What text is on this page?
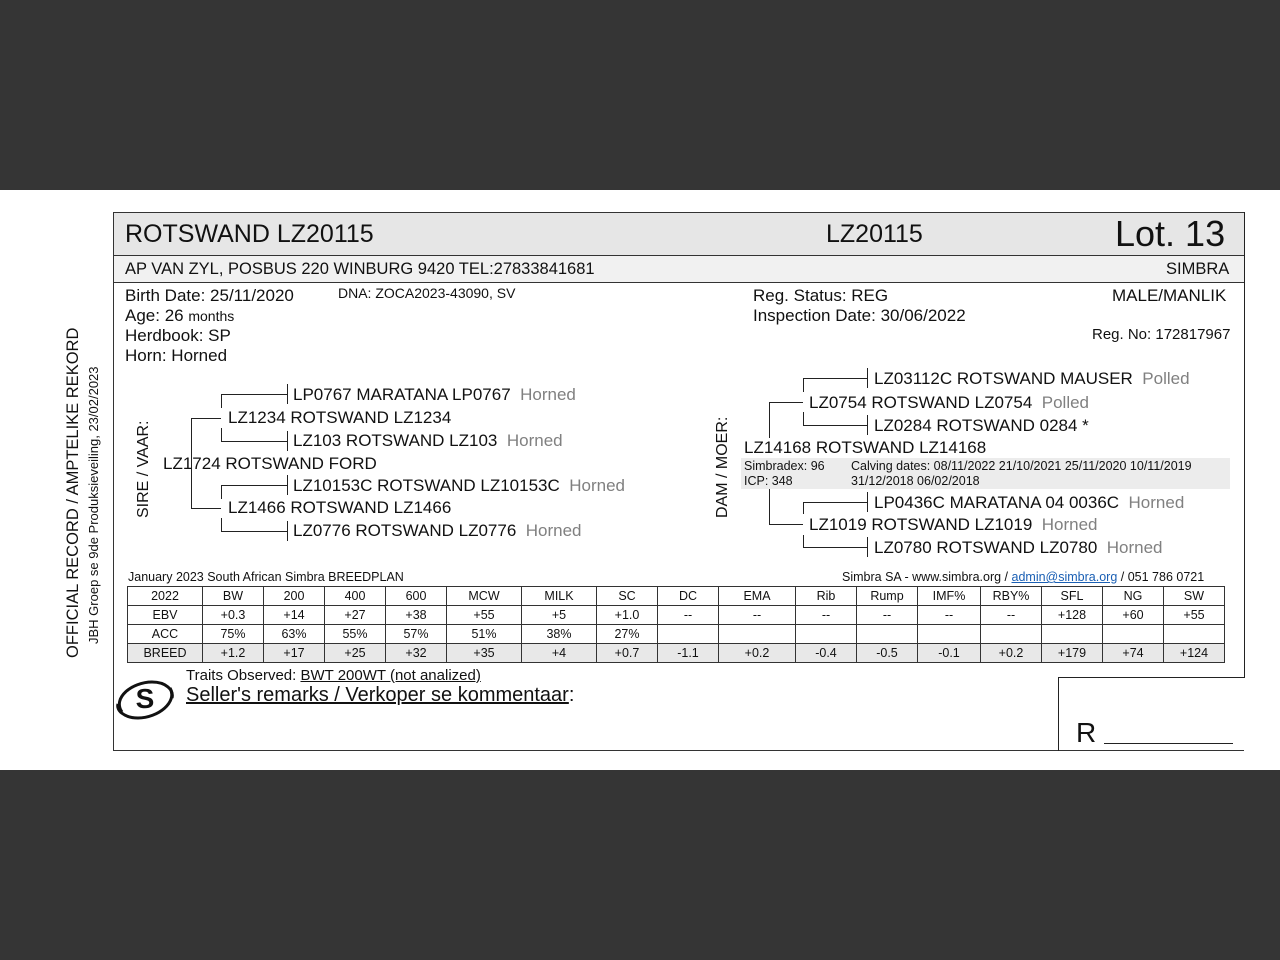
OFFICIAL RECORD / AMPTELIKE REKORD JBH Groep se 9de Produksieveiling, 23/02/2023
ROTSWAND LZ20115	LZ20115	Lot. 13
AP VAN ZYL, POSBUS 220 WINBURG 9420 TEL:27833841681	SIMBRA
Birth Date: 25/11/2020	DNA: ZOCA2023-43090, SV
Age: 26 months
Herdbook: SP
Horn: Horned
Reg. Status: REG
Inspection Date: 30/06/2022
MALE/MANLIK
Reg. No: 172817967
SIRE / VAAR:
LP0767 MARATANA LP0767 Horned
LZ1234 ROTSWAND LZ1234
LZ103 ROTSWAND LZ103 Horned
LZ1724 ROTSWAND FORD
LZ10153C ROTSWAND LZ10153C Horned
LZ1466 ROTSWAND LZ1466
LZ0776 ROTSWAND LZ0776 Horned
DAM / MOER:
LZ03112C ROTSWAND MAUSER Polled
LZ0754 ROTSWAND LZ0754 Polled
LZ0284 ROTSWAND 0284 *
LZ14168 ROTSWAND LZ14168
Simbradex: 96
ICP: 348
Calving dates: 08/11/2022 21/10/2021 25/11/2020 10/11/2019
31/12/2018 06/02/2018
LP0436C MARATANA 04 0036C Horned
LZ1019 ROTSWAND LZ1019 Horned
LZ0780 ROTSWAND LZ0780 Horned
January 2023 South African Simbra BREEDPLAN	Simbra SA - www.simbra.org / admin@simbra.org / 051 786 0721
2022	BW	200	400	600	MCW	MILK	SC	DC	EMA	Rib	Rump	IMF%	RBY%	SFL	NG	SW
EBV	+0.3	+14	+27	+38	+55	+5	+1.0	--	--	--	--	--	--	+128	+60	+55
ACC	75%	63%	55%	57%	51%	38%	27%									
BREED	+1.2	+17	+25	+32	+35	+4	+0.7	-1.1	+0.2	-0.4	-0.5	-0.1	+0.2	+179	+74	+124
S
Traits Observed: BWT 200WT (not analized)
Seller's remarks / Verkoper se kommentaar:
R
